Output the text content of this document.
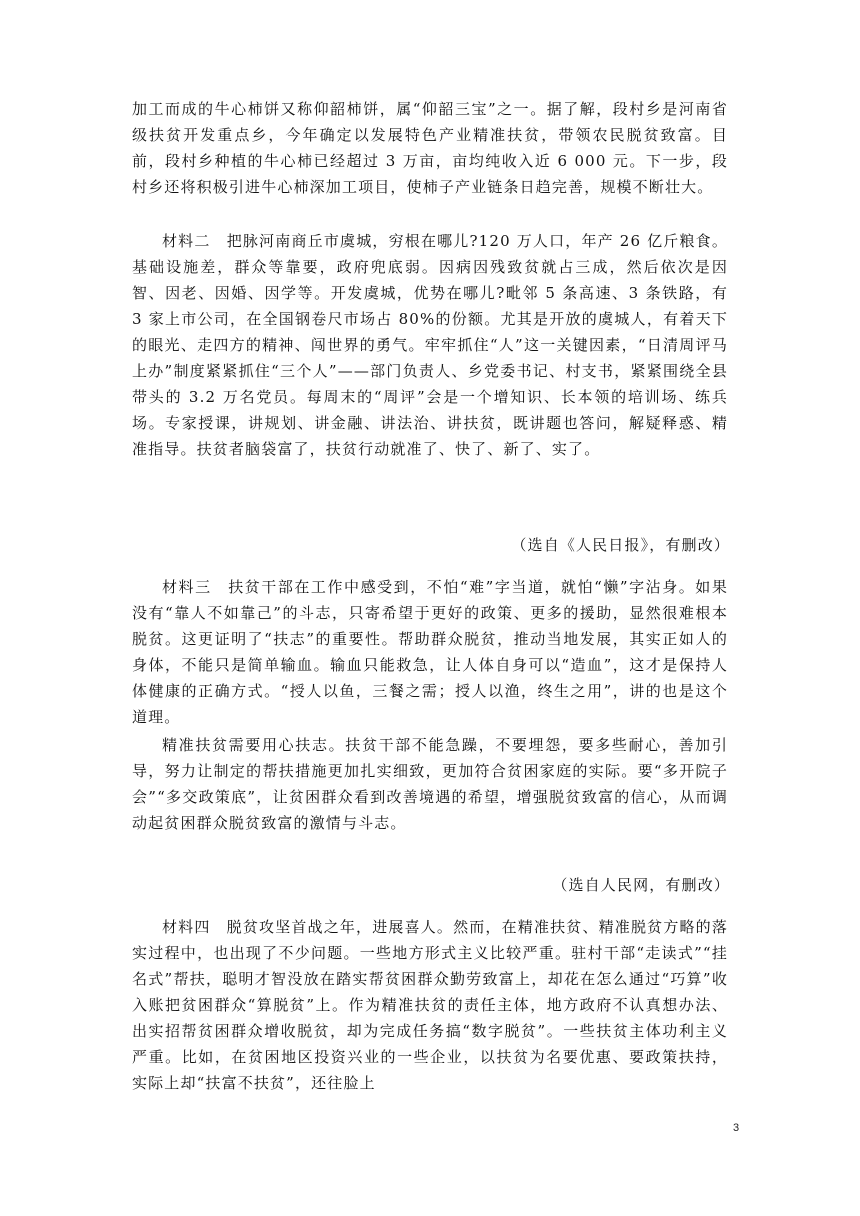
加工而成的牛心柿饼又称仰韶柿饼，属“仰韶三宝”之一。据了解，段村乡是河南省级扶贫开发重点乡，今年确定以发展特色产业精准扶贫，带领农民脱贫致富。目前，段村乡种植的牛心柿已经超过 3 万亩，亩均纯收入近 6 000 元。下一步，段村乡还将积极引进牛心柿深加工项目，使柿子产业链条日趋完善，规模不断壮大。

材料二　把脉河南商丘市虞城，穷根在哪儿?120 万人口，年产 26 亿斤粮食。基础设施差，群众等靠要，政府兜底弱。因病因残致贫就占三成，然后依次是因智、因老、因婚、因学等。开发虞城，优势在哪儿?毗邻 5 条高速、3 条铁路，有 3 家上市公司，在全国钢卷尺市场占 80%的份额。尤其是开放的虞城人，有着天下的眼光、走四方的精神、闯世界的勇气。牢牢抓住“人”这一关键因素，“日清周评马上办”制度紧紧抓住“三个人”——部门负责人、乡党委书记、村支书，紧紧围绕全县带头的 3.2 万名党员。每周末的“周评”会是一个增知识、长本领的培训场、练兵场。专家授课，讲规划、讲金融、讲法治、讲扶贫，既讲题也答问，解疑释惑、精准指导。扶贫者脑袋富了，扶贫行动就准了、快了、新了、实了。

（选自《人民日报》，有删改）

材料三　扶贫干部在工作中感受到，不怕“难”字当道，就怕“懒”字沾身。如果没有“靠人不如靠己”的斗志，只寄希望于更好的政策、更多的援助，显然很难根本脱贫。这更证明了“扶志”的重要性。帮助群众脱贫，推动当地发展，其实正如人的身体，不能只是简单输血。输血只能救急，让人体自身可以“造血”，这才是保持人体健康的正确方式。“授人以鱼，三餐之需；授人以渔，终生之用”，讲的也是这个道理。

精准扶贫需要用心扶志。扶贫干部不能急躁，不要埋怨，要多些耐心，善加引导，努力让制定的帮扶措施更加扎实细致，更加符合贫困家庭的实际。要“多开院子会”“多交政策底”，让贫困群众看到改善境遇的希望，增强脱贫致富的信心，从而调动起贫困群众脱贫致富的激情与斗志。

（选自人民网，有删改）

材料四　脱贫攻坚首战之年，进展喜人。然而，在精准扶贫、精准脱贫方略的落实过程中，也出现了不少问题。一些地方形式主义比较严重。驻村干部“走读式”“挂名式”帮扶，聪明才智没放在踏实帮贫困群众勤劳致富上，却花在怎么通过“巧算”收入账把贫困群众“算脱贫”上。作为精准扶贫的责任主体，地方政府不认真想办法、出实招帮贫困群众增收脱贫，却为完成任务搞“数字脱贫”。一些扶贫主体功利主义严重。比如，在贫困地区投资兴业的一些企业，以扶贫为名要优惠、要政策扶持，实际上却“扶富不扶贫”，还往脸上

3
